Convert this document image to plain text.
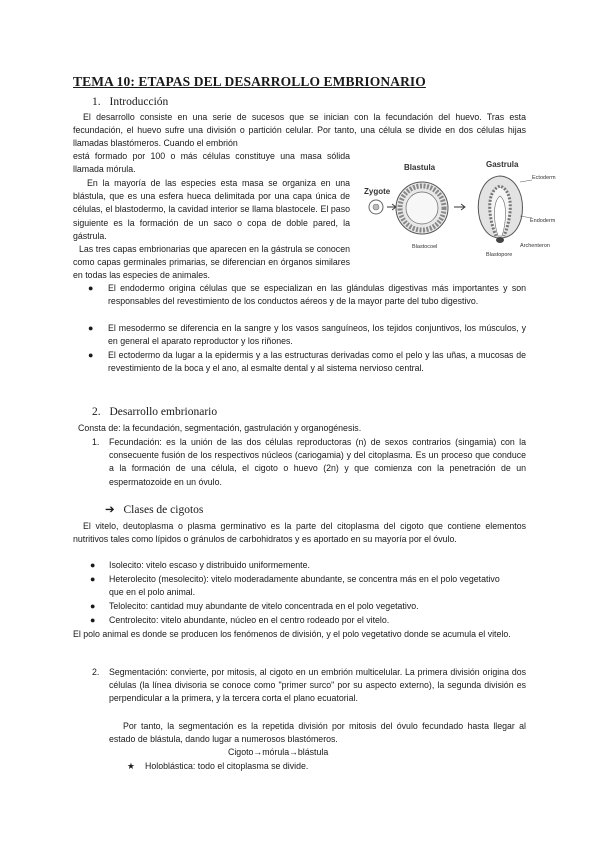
TEMA 10: ETAPAS DEL DESARROLLO EMBRIONARIO
1. Introducción
El desarrollo consiste en una serie de sucesos que se inician con la fecundación del huevo. Tras esta fecundación, el huevo sufre una división o partición celular. Por tanto, una célula se divide en dos células hijas llamadas blastómeros. Cuando el embrión
está formado por 100 o más células constituye una masa sólida llamada mórula.
En la mayoría de las especies esta masa se organiza en una blástula, que es una esfera hueca delimitada por una capa única de células, el blastodermo, la cavidad interior se llama blastocele. El paso siguiente es la formación de un saco o copa de doble pared, la gástrula.
Las tres capas embrionarias que aparecen en la gástrula se conocen como capas germinales primarias, se diferencian en órganos similares en todas las especies de animales.
Zygote
Blastula
Blastocoel
Gastrula
Ectoderm
Endoderm
Archenteron
Blastopore
● El endodermo origina células que se especializan en las glándulas digestivas más importantes y son responsables del revestimiento de los conductos aéreos y de la mayor parte del tubo digestivo.
● El mesodermo se diferencia en la sangre y los vasos sanguíneos, los tejidos conjuntivos, los músculos, y en general el aparato reproductor y los riñones.
● El ectodermo da lugar a la epidermis y a las estructuras derivadas como el pelo y las uñas, a mucosas de revestimiento de la boca y el ano, al esmalte dental y al sistema nervioso central.
2. Desarrollo embrionario
Consta de: la fecundación, segmentación, gastrulación y organogénesis.
1. Fecundación: es la unión de las dos células reproductoras (n) de sexos contrarios (singamia) con la consecuente fusión de los respectivos núcleos (cariogamia) y del citoplasma. Es un proceso que conduce a la formación de una célula, el cigoto o huevo (2n) y que comienza con la penetración de un espermatozoide en un óvulo.
➔ Clases de cigotos
El vitelo, deutoplasma o plasma germinativo es la parte del citoplasma del cigoto que contiene elementos nutritivos tales como lípidos o gránulos de carbohidratos y es aportado en su mayoría por el óvulo.
● Isolecito: vitelo escaso y distribuido uniformemente.
● Heterolecito (mesolecito): vitelo moderadamente abundante, se concentra más en el polo vegetativo que en el polo animal.
● Telolecito: cantidad muy abundante de vitelo concentrada en el polo vegetativo.
● Centrolecito: vitelo abundante, núcleo en el centro rodeado por el vitelo.
El polo animal es donde se producen los fenómenos de división, y el polo vegetativo donde se acumula el vitelo.
2. Segmentación: convierte, por mitosis, al cigoto en un embrión multicelular. La primera división origina dos células (la línea divisoria se conoce como "primer surco" por su aspecto externo), la segunda división es perpendicular a la primera, y la tercera corta el plano ecuatorial.
Por tanto, la segmentación es la repetida división por mitosis del óvulo fecundado hasta llegar al estado de blástula, dando lugar a numerosos blastómeros.
Cigoto→mórula→blástula
★ Holoblástica: todo el citoplasma se divide.
